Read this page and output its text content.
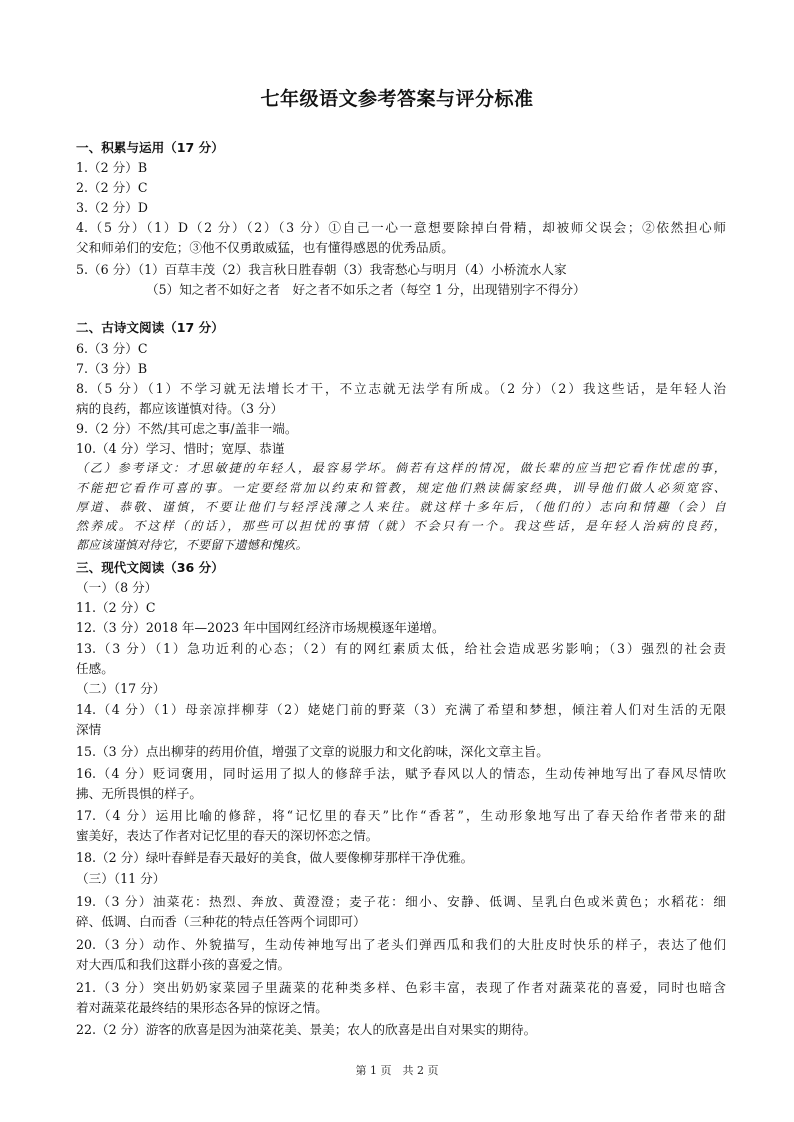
七年级语文参考答案与评分标准
一、积累与运用（17 分）
1.（2 分）B
2.（2 分）C
3.（2 分）D
4.（5 分）（1）D（2 分）（2）（3 分）①自己一心一意想要除掉白骨精，却被师父误会；②依然担心师
父和师弟们的安危；③他不仅勇敢威猛，也有懂得感恩的优秀品质。
5.（6 分）（1）百草丰茂（2）我言秋日胜春朝（3）我寄愁心与明月（4）小桥流水人家
（5）知之者不如好之者　好之者不如乐之者（每空 1 分，出现错别字不得分）
二、古诗文阅读（17 分）
6.（3 分）C
7.（3 分）B
8.（5 分）（1）不学习就无法增长才干，不立志就无法学有所成。（2 分）（2）我这些话，是年轻人治
病的良药，都应该谨慎对待。（3 分）
9.（2 分）不然/其可虑之事/盖非一端。
10.（4 分）学习、惜时；宽厚、恭谨
（乙）参考译文：才思敏捷的年轻人，最容易学坏。倘若有这样的情况，做长辈的应当把它看作忧虑的事，
不能把它看作可喜的事。一定要经常加以约束和管教，规定他们熟读儒家经典，训导他们做人必须宽容、
厚道、恭敬、谨慎，不要让他们与轻浮浅薄之人来往。就这样十多年后，（他们的）志向和情趣（会）自
然养成。不这样（的话），那些可以担忧的事情（就）不会只有一个。我这些话，是年轻人治病的良药，
都应该谨慎对待它，不要留下遗憾和愧疚。
三、现代文阅读（36 分）
（一）（8 分）
11.（2 分）C
12.（3 分）2018 年—2023 年中国网红经济市场规模逐年递增。
13.（3 分）（1）急功近利的心态；（2）有的网红素质太低，给社会造成恶劣影响；（3）强烈的社会责
任感。
（二）（17 分）
14.（4 分）（1）母亲凉拌柳芽（2）姥姥门前的野菜（3）充满了希望和梦想，倾注着人们对生活的无限
深情
15.（3 分）点出柳芽的药用价值，增强了文章的说服力和文化韵味，深化文章主旨。
16.（4 分）贬词褒用，同时运用了拟人的修辞手法，赋予春风以人的情态，生动传神地写出了春风尽情吹
拂、无所畏惧的样子。
17.（4 分）运用比喻的修辞，将“记忆里的春天”比作“香茗”，生动形象地写出了春天给作者带来的甜
蜜美好，表达了作者对记忆里的春天的深切怀恋之情。
18.（2 分）绿叶春鲜是春天最好的美食，做人要像柳芽那样干净优雅。
（三）（11 分）
19.（3 分）油菜花：热烈、奔放、黄澄澄；麦子花：细小、安静、低调、呈乳白色或米黄色；水稻花：细
碎、低调、白而香（三种花的特点任答两个词即可）
20.（3 分）动作、外貌描写，生动传神地写出了老头们弹西瓜和我们的大肚皮时快乐的样子，表达了他们
对大西瓜和我们这群小孩的喜爱之情。
21.（3 分）突出奶奶家菜园子里蔬菜的花种类多样、色彩丰富，表现了作者对蔬菜花的喜爱，同时也暗含
着对蔬菜花最终结的果形态各异的惊讶之情。
22.（2 分）游客的欣喜是因为油菜花美、景美；农人的欣喜是出自对果实的期待。
第 1 页　共 2 页
